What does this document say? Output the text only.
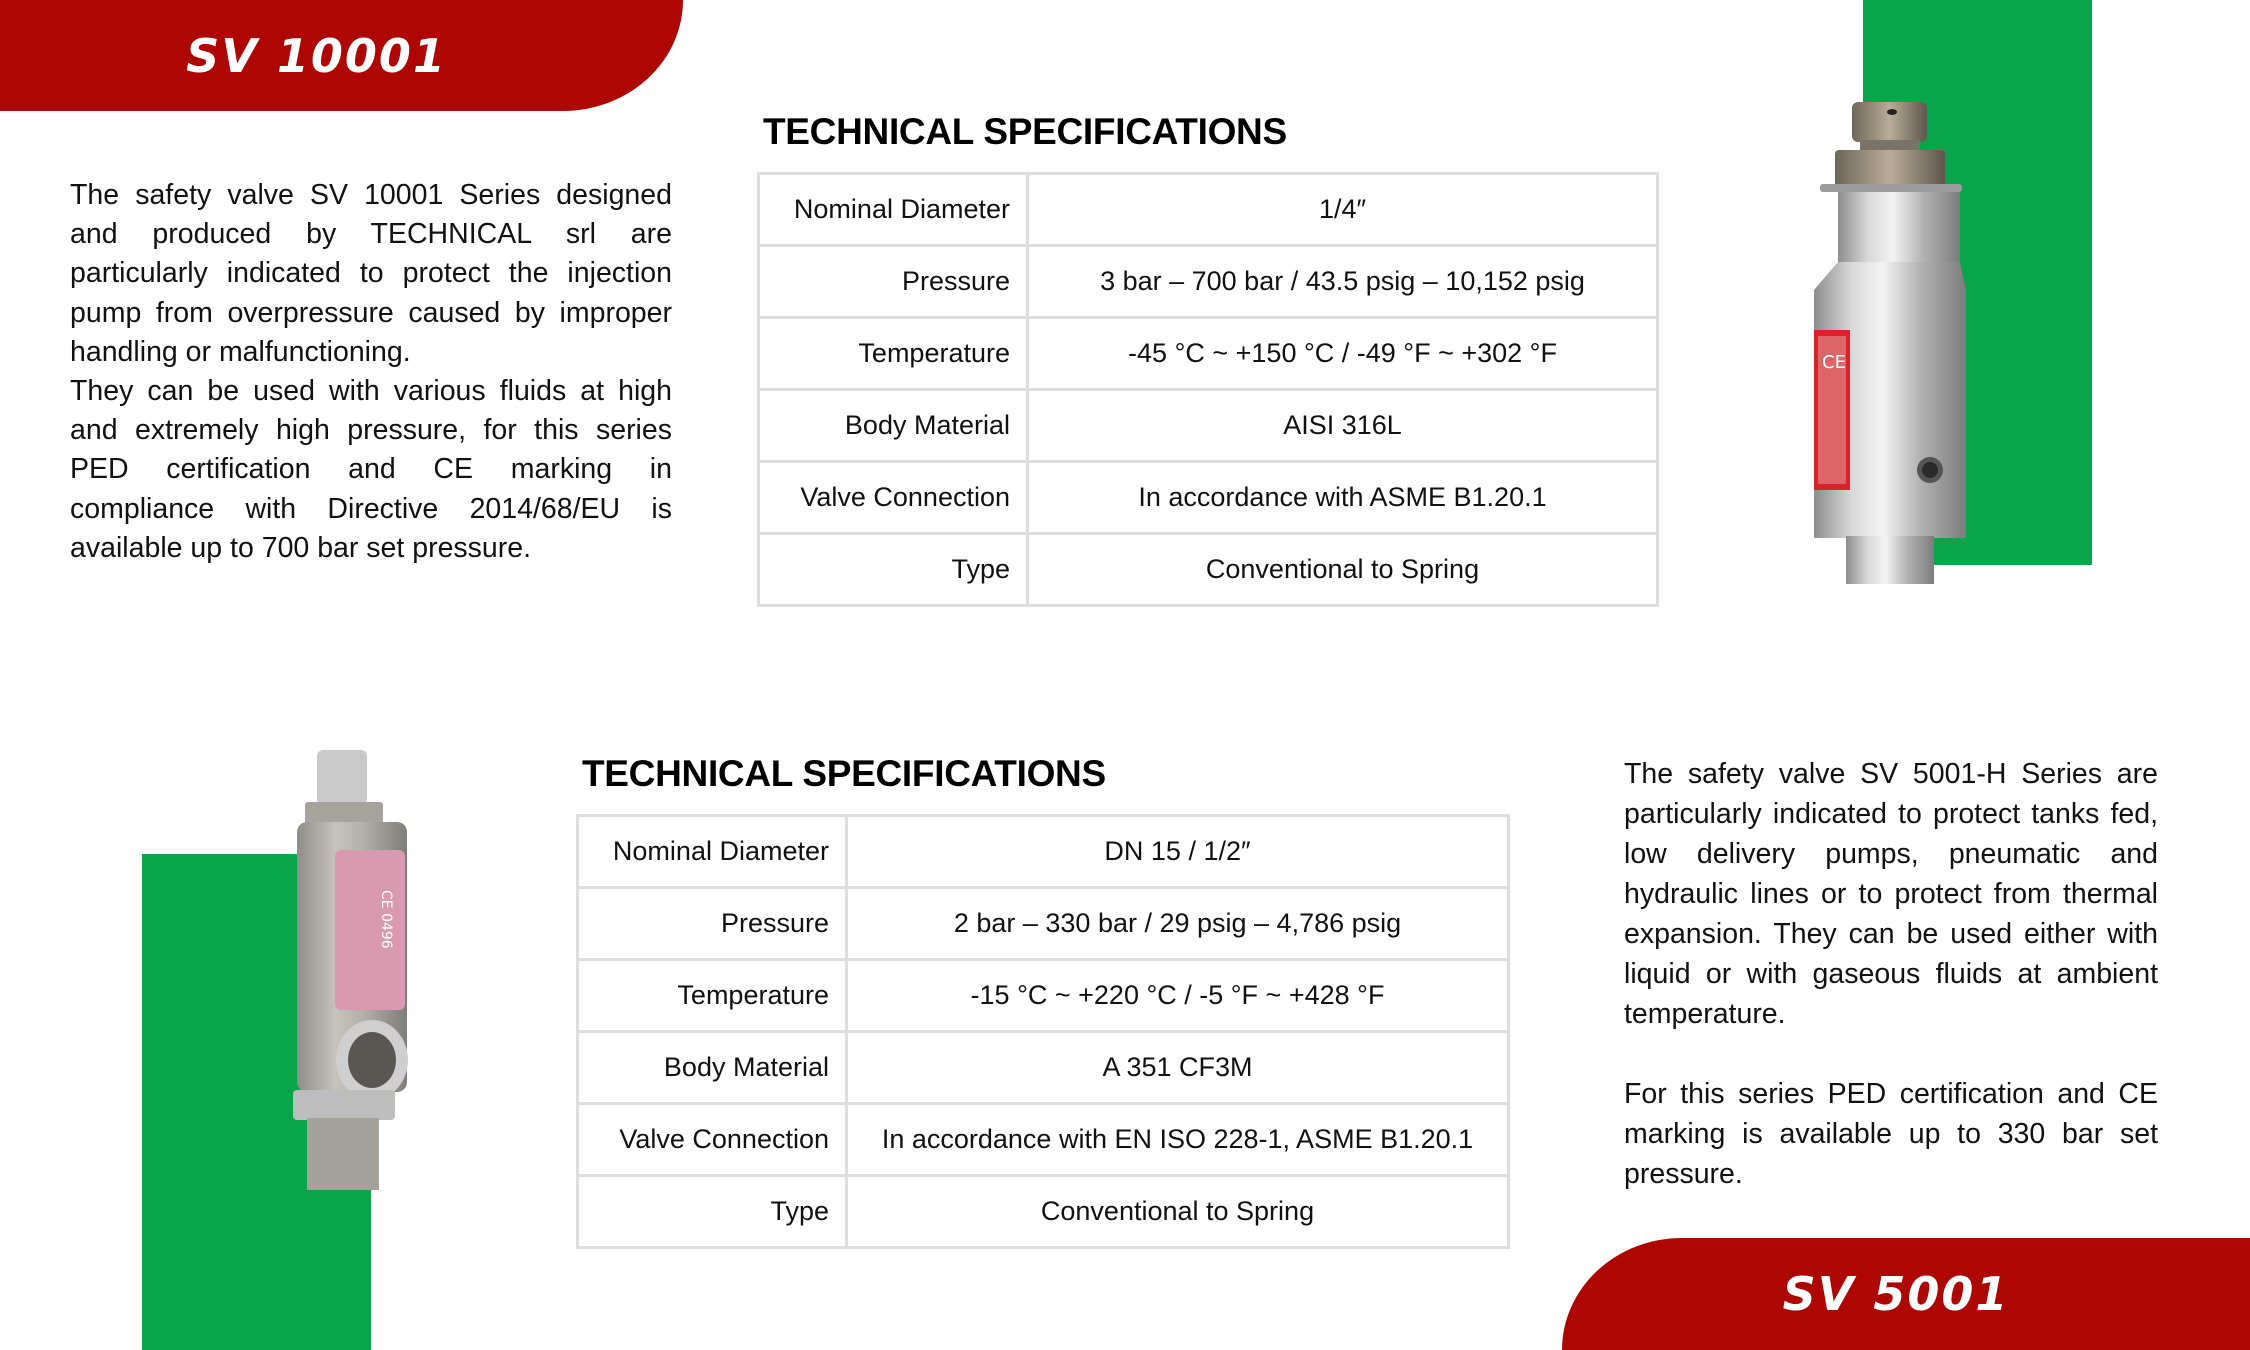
SV 10001
CE

The safety valve SV 10001 Series designed and produced by TECHNICAL srl are particularly indicated to protect the injection pump from overpressure caused by improper handling or malfunctioning.

They can be used with various fluids at high and extremely high pressure, for this series PED certification and CE marking in compliance with Directive 2014/68/EU is available up to 700 bar set pressure.

TECHNICAL SPECIFICATIONS
Nominal Diameter	1/4″
Pressure	3 bar – 700 bar / 43.5 psig – 10,152 psig
Temperature	-45 °C ~ +150 °C / -49 °F ~ +302 °F
Body Material	AISI 316L
Valve Connection	In accordance with ASME B1.20.1
Type	Conventional to Spring
CE 0496
TECHNICAL SPECIFICATIONS
Nominal Diameter	DN 15 / 1/2″
Pressure	2 bar – 330 bar / 29 psig – 4,786 psig
Temperature	-15 °C ~ +220 °C / -5 °F ~ +428 °F
Body Material	A 351 CF3M
Valve Connection	In accordance with EN ISO 228-1, ASME B1.20.1
Type	Conventional to Spring

The safety valve SV 5001-H Series are particularly indicated to protect tanks fed, low delivery pumps, pneumatic and hydraulic lines or to protect from thermal expansion. They can be used either with liquid or with gaseous fluids at ambient temperature.

For this series PED certification and CE marking is available up to 330 bar set pressure.

SV 5001
